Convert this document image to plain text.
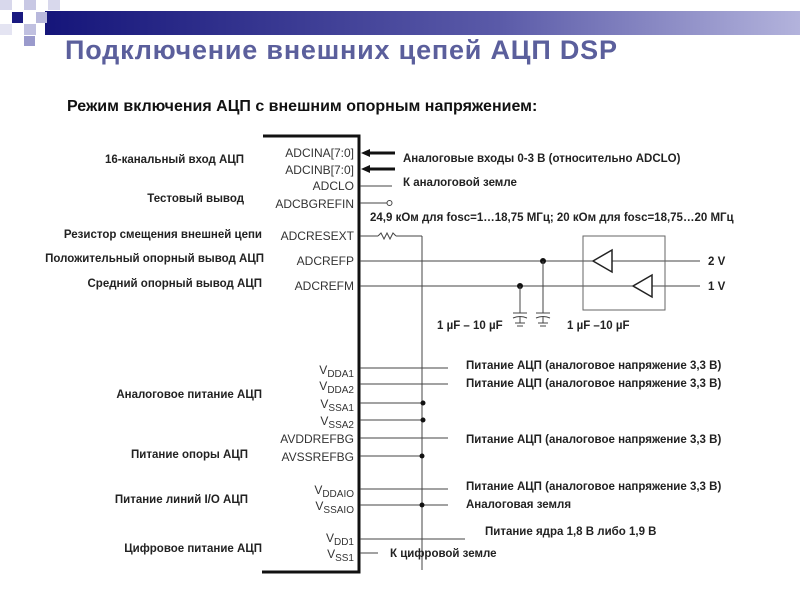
Подключение внешних цепей АЦП DSP
Режим включения АЦП с внешним опорным напряжением:
16-канальный вход АЦП
Тестовый вывод
Резистор смещения внешней цепи
Положительный опорный вывод АЦП
Средний опорный вывод АЦП
Аналоговое питание АЦП
Питание опоры АЦП
Питание линий I/O АЦП
Цифровое питание АЦП
ADCINA[7:0]
ADCINB[7:0]
ADCLO
ADCBGREFIN
ADCRESEXT
ADCREFP
ADCREFM
$V_{DDA1}$
$V_{DDA2}$
$V_{SSA1}$
$V_{SSA2}$
AVDDREFBG
AVSSREFBG
$V_{DDAIO}$
$V_{SSAIO}$
$V_{DD1}$
$V_{SS1}$
Аналоговые входы 0-3 В (относительно ADCLO)
К аналоговой земле
24,9 кОм для fosc=1…18,75 МГц; 20 кОм для fosc=18,75…20 МГц
2 V
1 V
1 µF – 10 µF	1 µF –10 µF
Питание АЦП (аналоговое напряжение 3,3 В)
Питание АЦП (аналоговое напряжение 3,3 В)
Питание АЦП (аналоговое напряжение 3,3 В)
Питание АЦП (аналоговое напряжение 3,3 В)
Аналоговая земля
Питание ядра 1,8 В либо 1,9 В
К цифровой земле
